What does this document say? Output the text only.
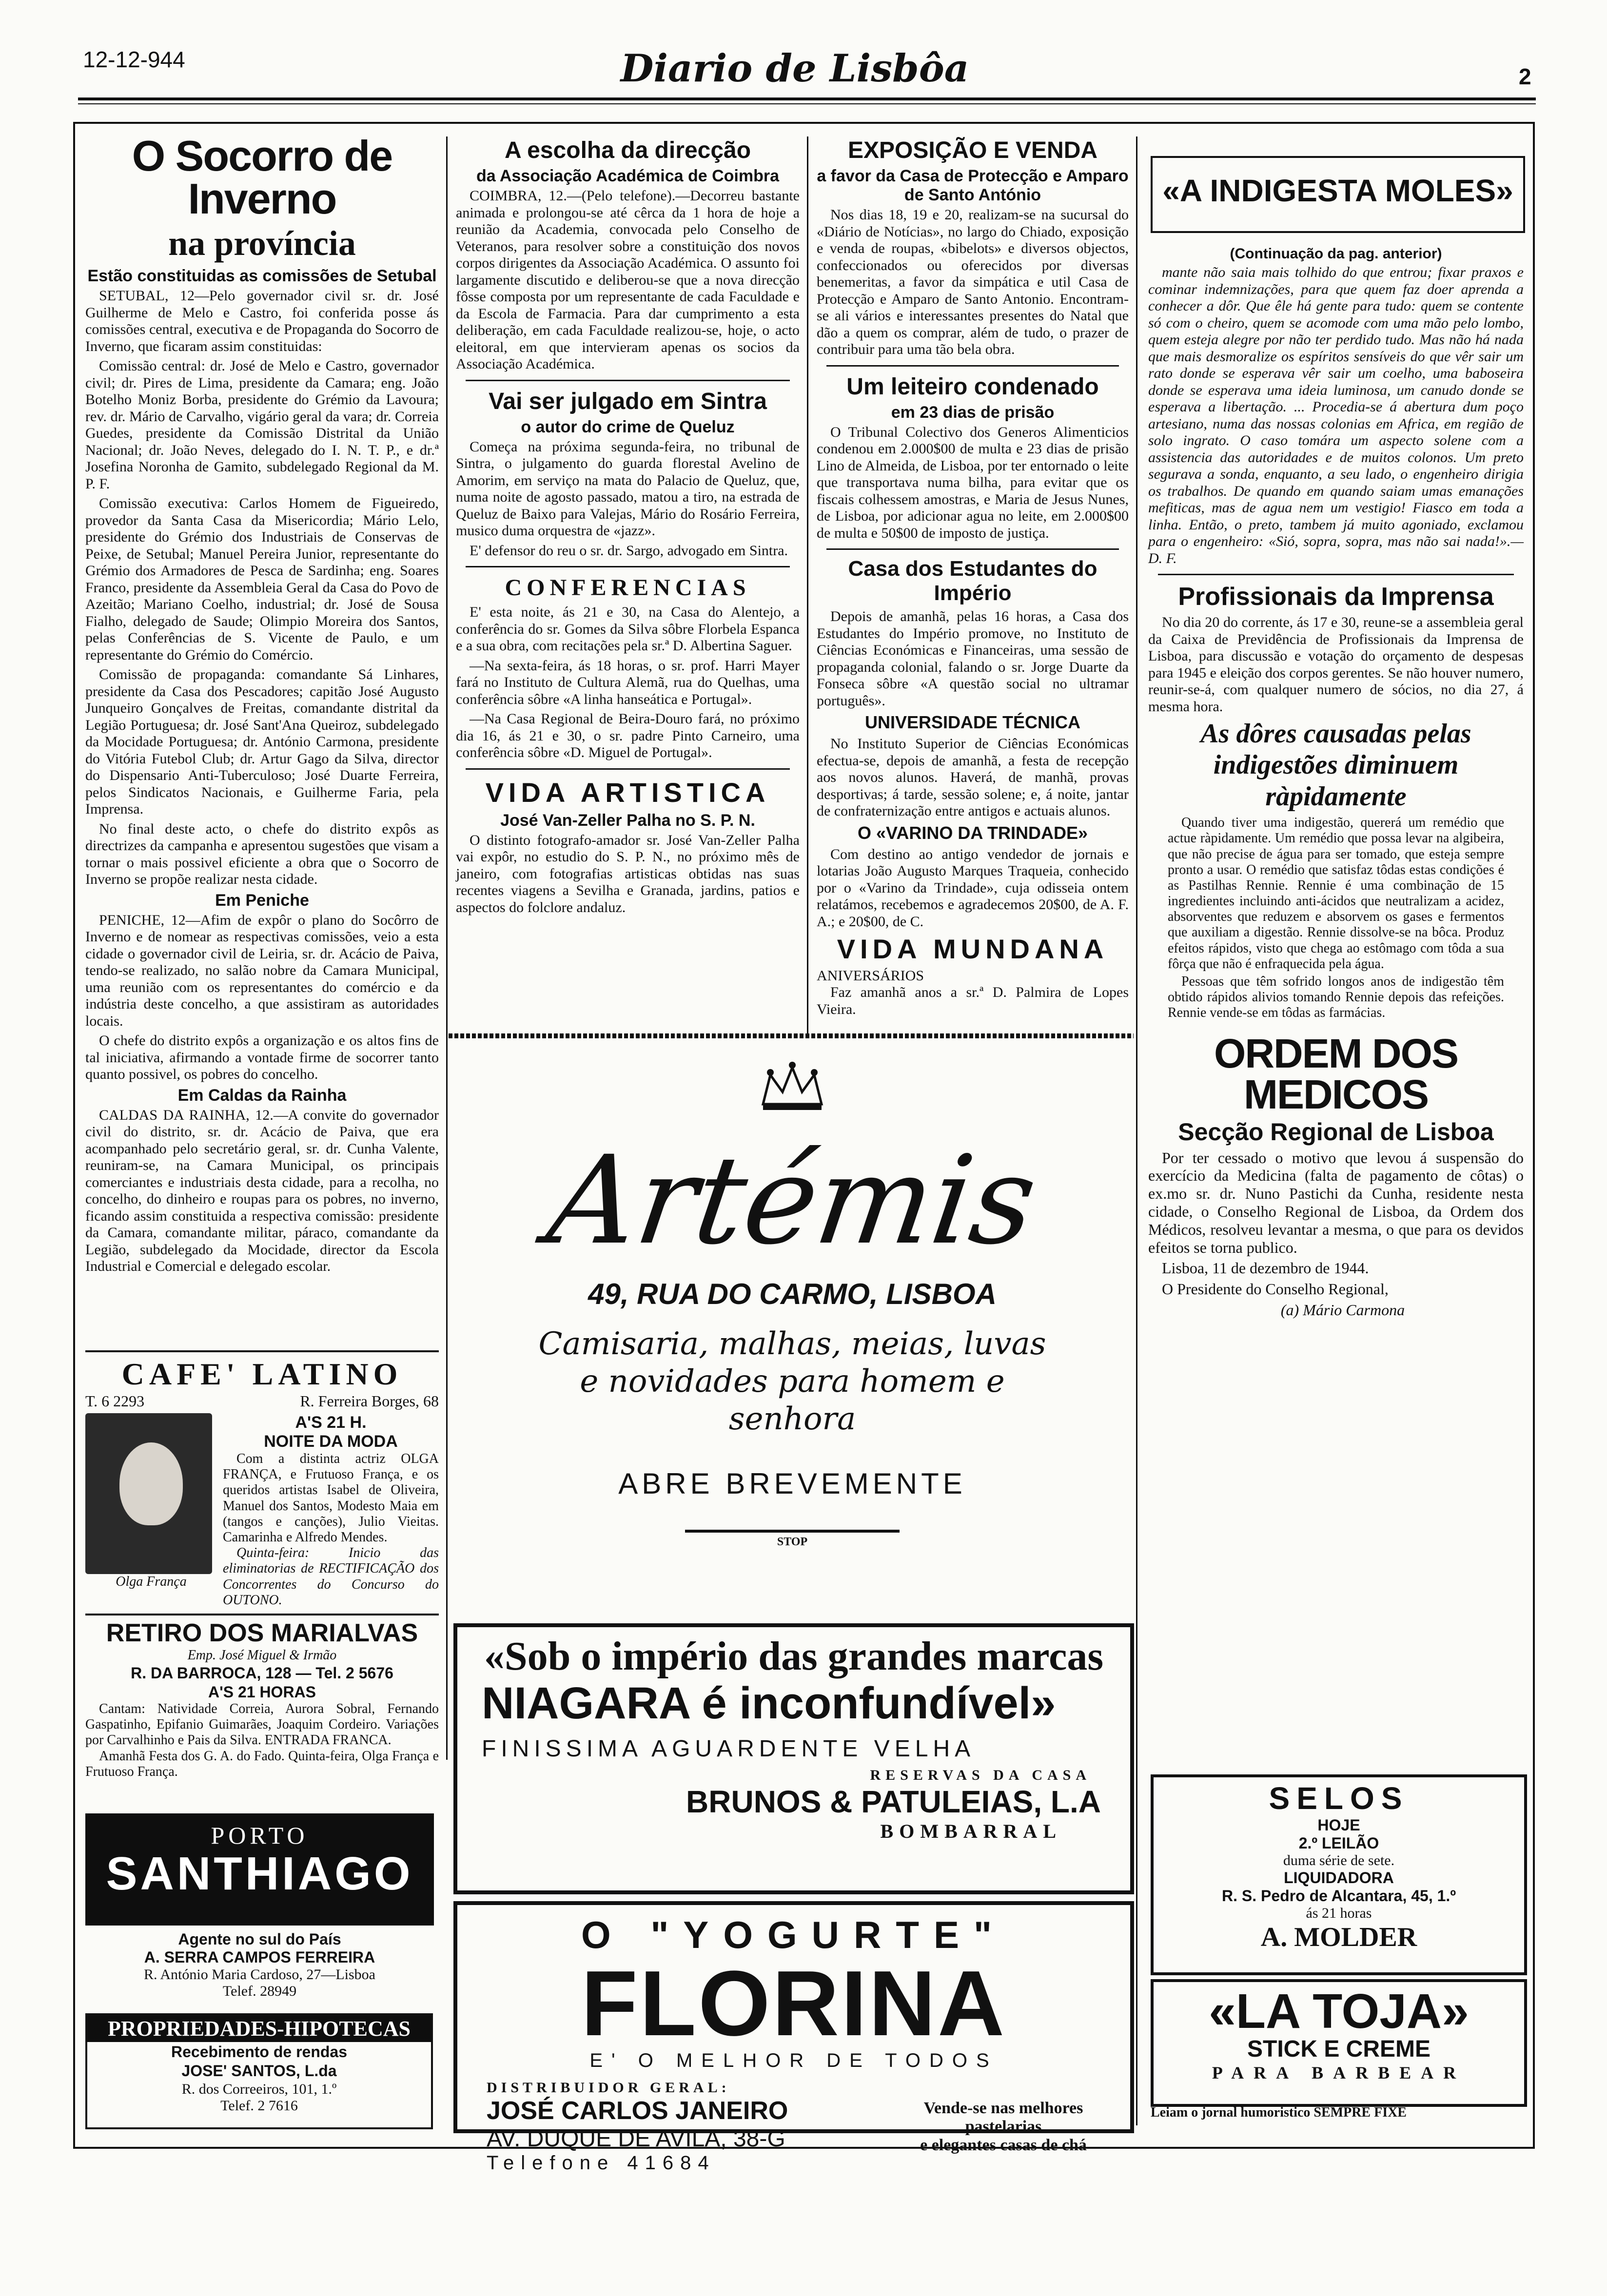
12-12-944	Diario de Lisbôa	2
O Socorro de Inverno
na província
Estão constituidas as comissões de Setubal

SETUBAL, 12—Pelo governador civil sr. dr. José Guilherme de Melo e Castro, foi conferida posse ás comissões central, executiva e de Propaganda do Socorro de Inverno, que ficaram assim constituidas:

Comissão central: dr. José de Melo e Castro, governador civil; dr. Pires de Lima, presidente da Camara; eng. João Botelho Moniz Borba, presidente do Grémio da Lavoura; rev. dr. Mário de Carvalho, vigário geral da vara; dr. Correia Guedes, presidente da Comissão Distrital da União Nacional; dr. João Neves, delegado do I. N. T. P., e dr.ª Josefina Noronha de Gamito, subdelegado Regional da M. P. F.

Comissão executiva: Carlos Homem de Figueiredo, provedor da Santa Casa da Misericordia; Mário Lelo, presidente do Grémio dos Industriais de Conservas de Peixe, de Setubal; Manuel Pereira Junior, representante do Grémio dos Armadores de Pesca de Sardinha; eng. Soares Franco, presidente da Assembleia Geral da Casa do Povo de Azeitão; Mariano Coelho, industrial; dr. José de Sousa Fialho, delegado de Saude; Olimpio Moreira dos Santos, pelas Conferências de S. Vicente de Paulo, e um representante do Grémio do Comércio.

Comissão de propaganda: comandante Sá Linhares, presidente da Casa dos Pescadores; capitão José Augusto Junqueiro Gonçalves de Freitas, comandante distrital da Legião Portuguesa; dr. José Sant'Ana Queiroz, subdelegado da Mocidade Portuguesa; dr. António Carmona, presidente do Vitória Futebol Club; dr. Artur Gago da Silva, director do Dispensario Anti-Tuberculoso; José Duarte Ferreira, pelos Sindicatos Nacionais, e Guilherme Faria, pela Imprensa.

No final deste acto, o chefe do distrito expôs as directrizes da campanha e apresentou sugestões que visam a tornar o mais possivel eficiente a obra que o Socorro de Inverno se propõe realizar nesta cidade.

Em Peniche

PENICHE, 12—Afim de expôr o plano do Socôrro de Inverno e de nomear as respectivas comissões, veio a esta cidade o governador civil de Leiria, sr. dr. Acácio de Paiva, tendo-se realizado, no salão nobre da Camara Municipal, uma reunião com os representantes do comércio e da indústria deste concelho, a que assistiram as autoridades locais.

O chefe do distrito expôs a organização e os altos fins de tal iniciativa, afirmando a vontade firme de socorrer tanto quanto possivel, os pobres do concelho.

Em Caldas da Rainha

CALDAS DA RAINHA, 12.—A convite do governador civil do distrito, sr. dr. Acácio de Paiva, que era acompanhado pelo secretário geral, sr. dr. Cunha Valente, reuniram-se, na Camara Municipal, os principais comerciantes e industriais desta cidade, para a recolha, no concelho, do dinheiro e roupas para os pobres, no inverno, ficando assim constituida a respectiva comissão: presidente da Camara, comandante militar, páraco, comandante da Legião, subdelegado da Mocidade, director da Escola Industrial e Comercial e delegado escolar.

CAFE' LATINO
T. 6 2293	R. Ferreira Borges, 68
Olga França
A'S 21 H.
NOITE DA MODA

Com a distinta actriz OLGA FRANÇA, e Frutuoso França, e os queridos artistas Isabel de Oliveira, Manuel dos Santos, Modesto Maia em (tangos e canções), Julio Vieitas. Camarinha e Alfredo Mendes.

Quinta-feira: Inicio das eliminatorias de RECTIFICAÇÃO dos Concorrentes do Concurso do OUTONO.

RETIRO DOS MARIALVAS
Emp. José Miguel & Irmão
R. DA BARROCA, 128 — Tel. 2 5676
A'S 21 HORAS

Cantam: Natividade Correia, Aurora Sobral, Fernando Gaspatinho, Epifanio Guimarães, Joaquim Cordeiro. Variações por Carvalhinho e Pais da Silva. ENTRADA FRANCA.

Amanhã Festa dos G. A. do Fado. Quinta-feira, Olga França e Frutuoso França.

PORTO
SANTHIAGO
Agente no sul do País
A. SERRA CAMPOS FERREIRA
R. António Maria Cardoso, 27—Lisboa
Telef. 28949
PROPRIEDADES-HIPOTECAS
Recebimento de rendas
JOSE' SANTOS, L.da
R. dos Correeiros, 101, 1.º
Telef. 2 7616
A escolha da direcção
da Associação Académica de Coimbra

COIMBRA, 12.—(Pelo telefone).—Decorreu bastante animada e prolongou-se até cêrca da 1 hora de hoje a reunião da Academia, convocada pelo Conselho de Veteranos, para resolver sobre a constituição dos novos corpos dirigentes da Associação Académica. O assunto foi largamente discutido e deliberou-se que a nova direcção fôsse composta por um representante de cada Faculdade e da Escola de Farmacia. Para dar cumprimento a esta deliberação, em cada Faculdade realizou-se, hoje, o acto eleitoral, em que intervieram apenas os socios da Associação Académica.

Vai ser julgado em Sintra
o autor do crime de Queluz

Começa na próxima segunda-feira, no tribunal de Sintra, o julgamento do guarda florestal Avelino de Amorim, em serviço na mata do Palacio de Queluz, que, numa noite de agosto passado, matou a tiro, na estrada de Queluz de Baixo para Valejas, Mário do Rosário Ferreira, musico duma orquestra de «jazz».

E' defensor do reu o sr. dr. Sargo, advogado em Sintra.

CONFERENCIAS

E' esta noite, ás 21 e 30, na Casa do Alentejo, a conferência do sr. Gomes da Silva sôbre Florbela Espanca e a sua obra, com recitações pela sr.ª D. Albertina Saguer.

—Na sexta-feira, ás 18 horas, o sr. prof. Harri Mayer fará no Instituto de Cultura Alemã, rua do Quelhas, uma conferência sôbre «A linha hanseática e Portugal».

—Na Casa Regional de Beira-Douro fará, no próximo dia 16, ás 21 e 30, o sr. padre Pinto Carneiro, uma conferência sôbre «D. Miguel de Portugal».

VIDA ARTISTICA
José Van-Zeller Palha no S. P. N.

O distinto fotografo-amador sr. José Van-Zeller Palha vai expôr, no estudio do S. P. N., no próximo mês de janeiro, com fotografias artisticas obtidas nas suas recentes viagens a Sevilha e Granada, jardins, patios e aspectos do folclore andaluz.

EXPOSIÇÃO E VENDA
a favor da Casa de Protecção e Amparo de Santo António

Nos dias 18, 19 e 20, realizam-se na sucursal do «Diário de Notícias», no largo do Chiado, exposição e venda de roupas, «bibelots» e diversos objectos, confeccionados ou oferecidos por diversas benemeritas, a favor da simpática e util Casa de Protecção e Amparo de Santo Antonio. Encontram-se ali vários e interessantes presentes do Natal que dão a quem os comprar, além de tudo, o prazer de contribuir para uma tão bela obra.

Um leiteiro condenado
em 23 dias de prisão

O Tribunal Colectivo dos Generos Alimenticios condenou em 2.000$00 de multa e 23 dias de prisão Lino de Almeida, de Lisboa, por ter entornado o leite que transportava numa bilha, para evitar que os fiscais colhessem amostras, e Maria de Jesus Nunes, de Lisboa, por adicionar agua no leite, em 2.000$00 de multa e 50$00 de imposto de justiça.

Casa dos Estudantes do Império

Depois de amanhã, pelas 16 horas, a Casa dos Estudantes do Império promove, no Instituto de Ciências Económicas e Financeiras, uma sessão de propaganda colonial, falando o sr. Jorge Duarte da Fonseca sôbre «A questão social no ultramar português».

UNIVERSIDADE TÉCNICA

No Instituto Superior de Ciências Económicas efectua-se, depois de amanhã, a festa de recepção aos novos alunos. Haverá, de manhã, provas desportivas; á tarde, sessão solene; e, á noite, jantar de confraternização entre antigos e actuais alunos.

O «VARINO DA TRINDADE»

Com destino ao antigo vendedor de jornais e lotarias João Augusto Marques Traqueia, conhecido por o «Varino da Trindade», cuja odisseia ontem relatámos, recebemos e agradecemos 20$00, de A. F. A.; e 20$00, de C.

VIDA MUNDANA
ANIVERSÁRIOS

Faz amanhã anos a sr.ª D. Palmira de Lopes Vieira.

Artémis
49, RUA DO CARMO, LISBOA
Camisaria, malhas, meias, luvas e novidades para homem e senhora
ABRE BREVEMENTE
STOP
«Sob o império das grandes marcas
NIAGARA é inconfundível»
FINISSIMA AGUARDENTE VELHA
RESERVAS DA CASA
BRUNOS & PATULEIAS, L.A
BOMBARRAL
O "YOGURTE"
FLORINA
E' O MELHOR DE TODOS
DISTRIBUIDOR GERAL:
JOSÉ CARLOS JANEIRO
AV. DUQUE DE AVILA, 38-G
Telefone 41684
Vende-se nas melhores
pastelarias
e elegantes casas de chá
«A INDIGESTA MOLES»
(Continuação da pag. anterior)

mante não saia mais tolhido do que entrou; fixar praxos e cominar indemnizações, para que quem faz doer aprenda a conhecer a dôr. Que êle há gente para tudo: quem se contente só com o cheiro, quem se acomode com uma mão pelo lombo, quem esteja alegre por não ter perdido tudo. Mas não há nada que mais desmoralize os espíritos sensíveis do que vêr sair um rato donde se esperava vêr sair um coelho, uma baboseira donde se esperava uma ideia luminosa, um canudo donde se esperava a libertação. ... Procedia-se á abertura dum poço artesiano, numa das nossas colonias em Africa, em região de solo ingrato. O caso tomára um aspecto solene com a assistencia das autoridades e de muitos colonos. Um preto segurava a sonda, enquanto, a seu lado, o engenheiro dirigia os trabalhos. De quando em quando saiam umas emanações mefiticas, mas de agua nem um vestigio! Fiasco em toda a linha. Então, o preto, tambem já muito agoniado, exclamou para o engenheiro: «Sió, sopra, sopra, mas não sai nada!».—D. F.

Profissionais da Imprensa

No dia 20 do corrente, ás 17 e 30, reune-se a assembleia geral da Caixa de Previdência de Profissionais da Imprensa de Lisboa, para discussão e votação do orçamento de despesas para 1945 e eleição dos corpos gerentes. Se não houver numero, reunir-se-á, com qualquer numero de sócios, no dia 27, á mesma hora.

As dôres causadas pelas indigestões diminuem ràpidamente

Quando tiver uma indigestão, quererá um remédio que actue ràpidamente. Um remédio que possa levar na algibeira, que não precise de água para ser tomado, que esteja sempre pronto a usar. O remédio que satisfaz tôdas estas condições é as Pastilhas Rennie. Rennie é uma combinação de 15 ingredientes incluindo anti-ácidos que neutralizam a acidez, absorventes que reduzem e absorvem os gases e fermentos que auxiliam a digestão. Rennie dissolve-se na bôca. Produz efeitos rápidos, visto que chega ao estômago com tôda a sua fôrça que não é enfraquecida pela água.

Pessoas que têm sofrido longos anos de indigestão têm obtido rápidos alivios tomando Rennie depois das refeições. Rennie vende-se em tôdas as farmácias.

ORDEM DOS MEDICOS
Secção Regional de Lisboa

Por ter cessado o motivo que levou á suspensão do exercício da Medicina (falta de pagamento de côtas) o ex.mo sr. dr. Nuno Pastichi da Cunha, residente nesta cidade, o Conselho Regional de Lisboa, da Ordem dos Médicos, resolveu levantar a mesma, o que para os devidos efeitos se torna publico.

Lisboa, 11 de dezembro de 1944.

O Presidente do Conselho Regional,

(a) Mário Carmona

SELOS
HOJE
2.º LEILÃO
duma série de sete.
LIQUIDADORA
R. S. Pedro de Alcantara, 45, 1.º
ás 21 horas
A. MOLDER
«LA TOJA»
STICK E CREME
PARA BARBEAR
Leiam o jornal humoristico SEMPRE FIXE
